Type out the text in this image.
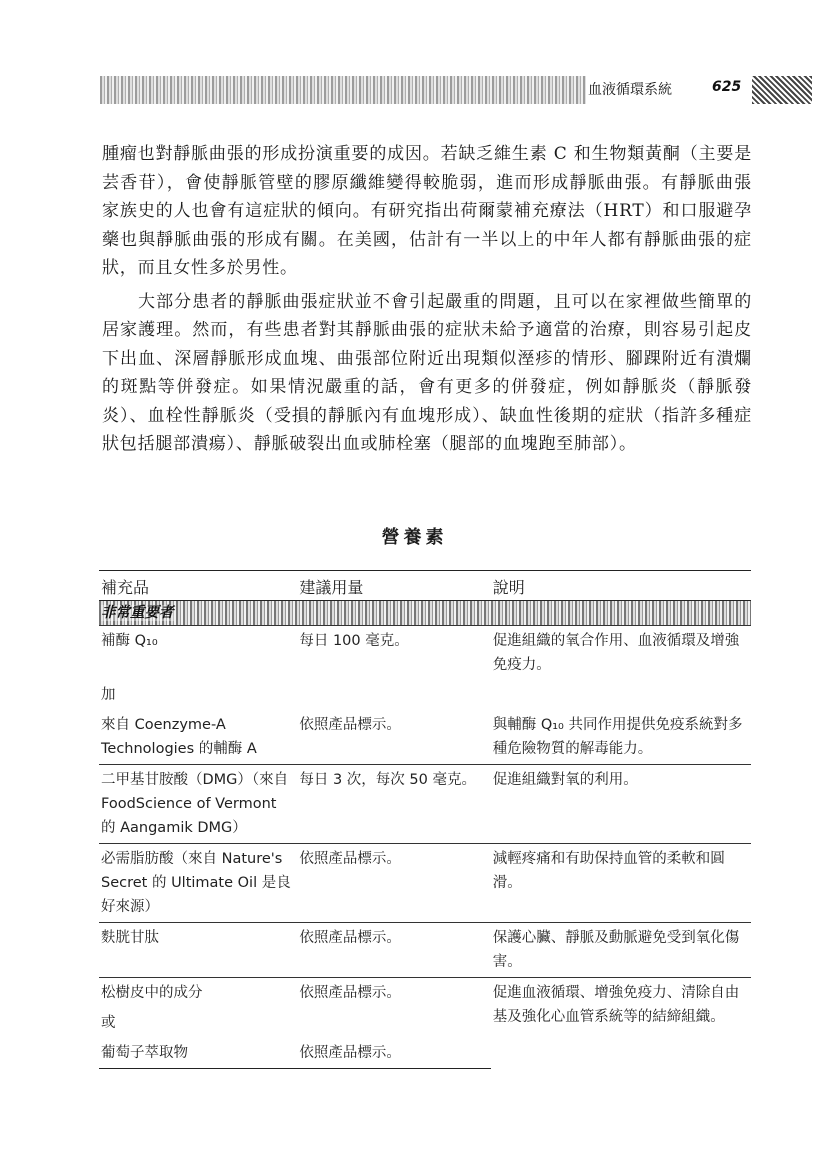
血液循環系統	625

腫瘤也對靜脈曲張的形成扮演重要的成因。若缺乏維生素 C 和生物類黃酮（主要是芸香苷），會使靜脈管壁的膠原纖維變得較脆弱，進而形成靜脈曲張。有靜脈曲張家族史的人也會有這症狀的傾向。有研究指出荷爾蒙補充療法（HRT）和口服避孕藥也與靜脈曲張的形成有關。在美國，估計有一半以上的中年人都有靜脈曲張的症狀，而且女性多於男性。

大部分患者的靜脈曲張症狀並不會引起嚴重的問題，且可以在家裡做些簡單的居家護理。然而，有些患者對其靜脈曲張的症狀未給予適當的治療，則容易引起皮下出血、深層靜脈形成血塊、曲張部位附近出現類似溼疹的情形、腳踝附近有潰爛的斑點等併發症。如果情況嚴重的話，會有更多的併發症，例如靜脈炎（靜脈發炎）、血栓性靜脈炎（受損的靜脈內有血塊形成）、缺血性後期的症狀（指許多種症狀包括腿部潰瘍）、靜脈破裂出血或肺栓塞（腿部的血塊跑至肺部）。

營養素
補充品	建議用量	說明
非常重要者		
補酶 Q₁₀	每日 100 毫克。	促進組織的氧合作用、血液循環及增強免疫力。
加		
來自 Coenzyme-A Technologies 的輔酶 A	依照產品標示。	與輔酶 Q₁₀ 共同作用提供免疫系統對多種危險物質的解毒能力。
二甲基甘胺酸（DMG）（來自 FoodScience of Vermont 的 Aangamik DMG）	每日 3 次，每次 50 毫克。	促進組織對氧的利用。
必需脂肪酸（來自 Nature's Secret 的 Ultimate Oil 是良好來源）	依照產品標示。	減輕疼痛和有助保持血管的柔軟和圓滑。
麩胱甘肽	依照產品標示。	保護心臟、靜脈及動脈避免受到氧化傷害。
松樹皮中的成分	依照產品標示。	促進血液循環、增強免疫力、清除自由基及強化心血管系統等的結締組織。
或		
葡萄子萃取物	依照產品標示。	
